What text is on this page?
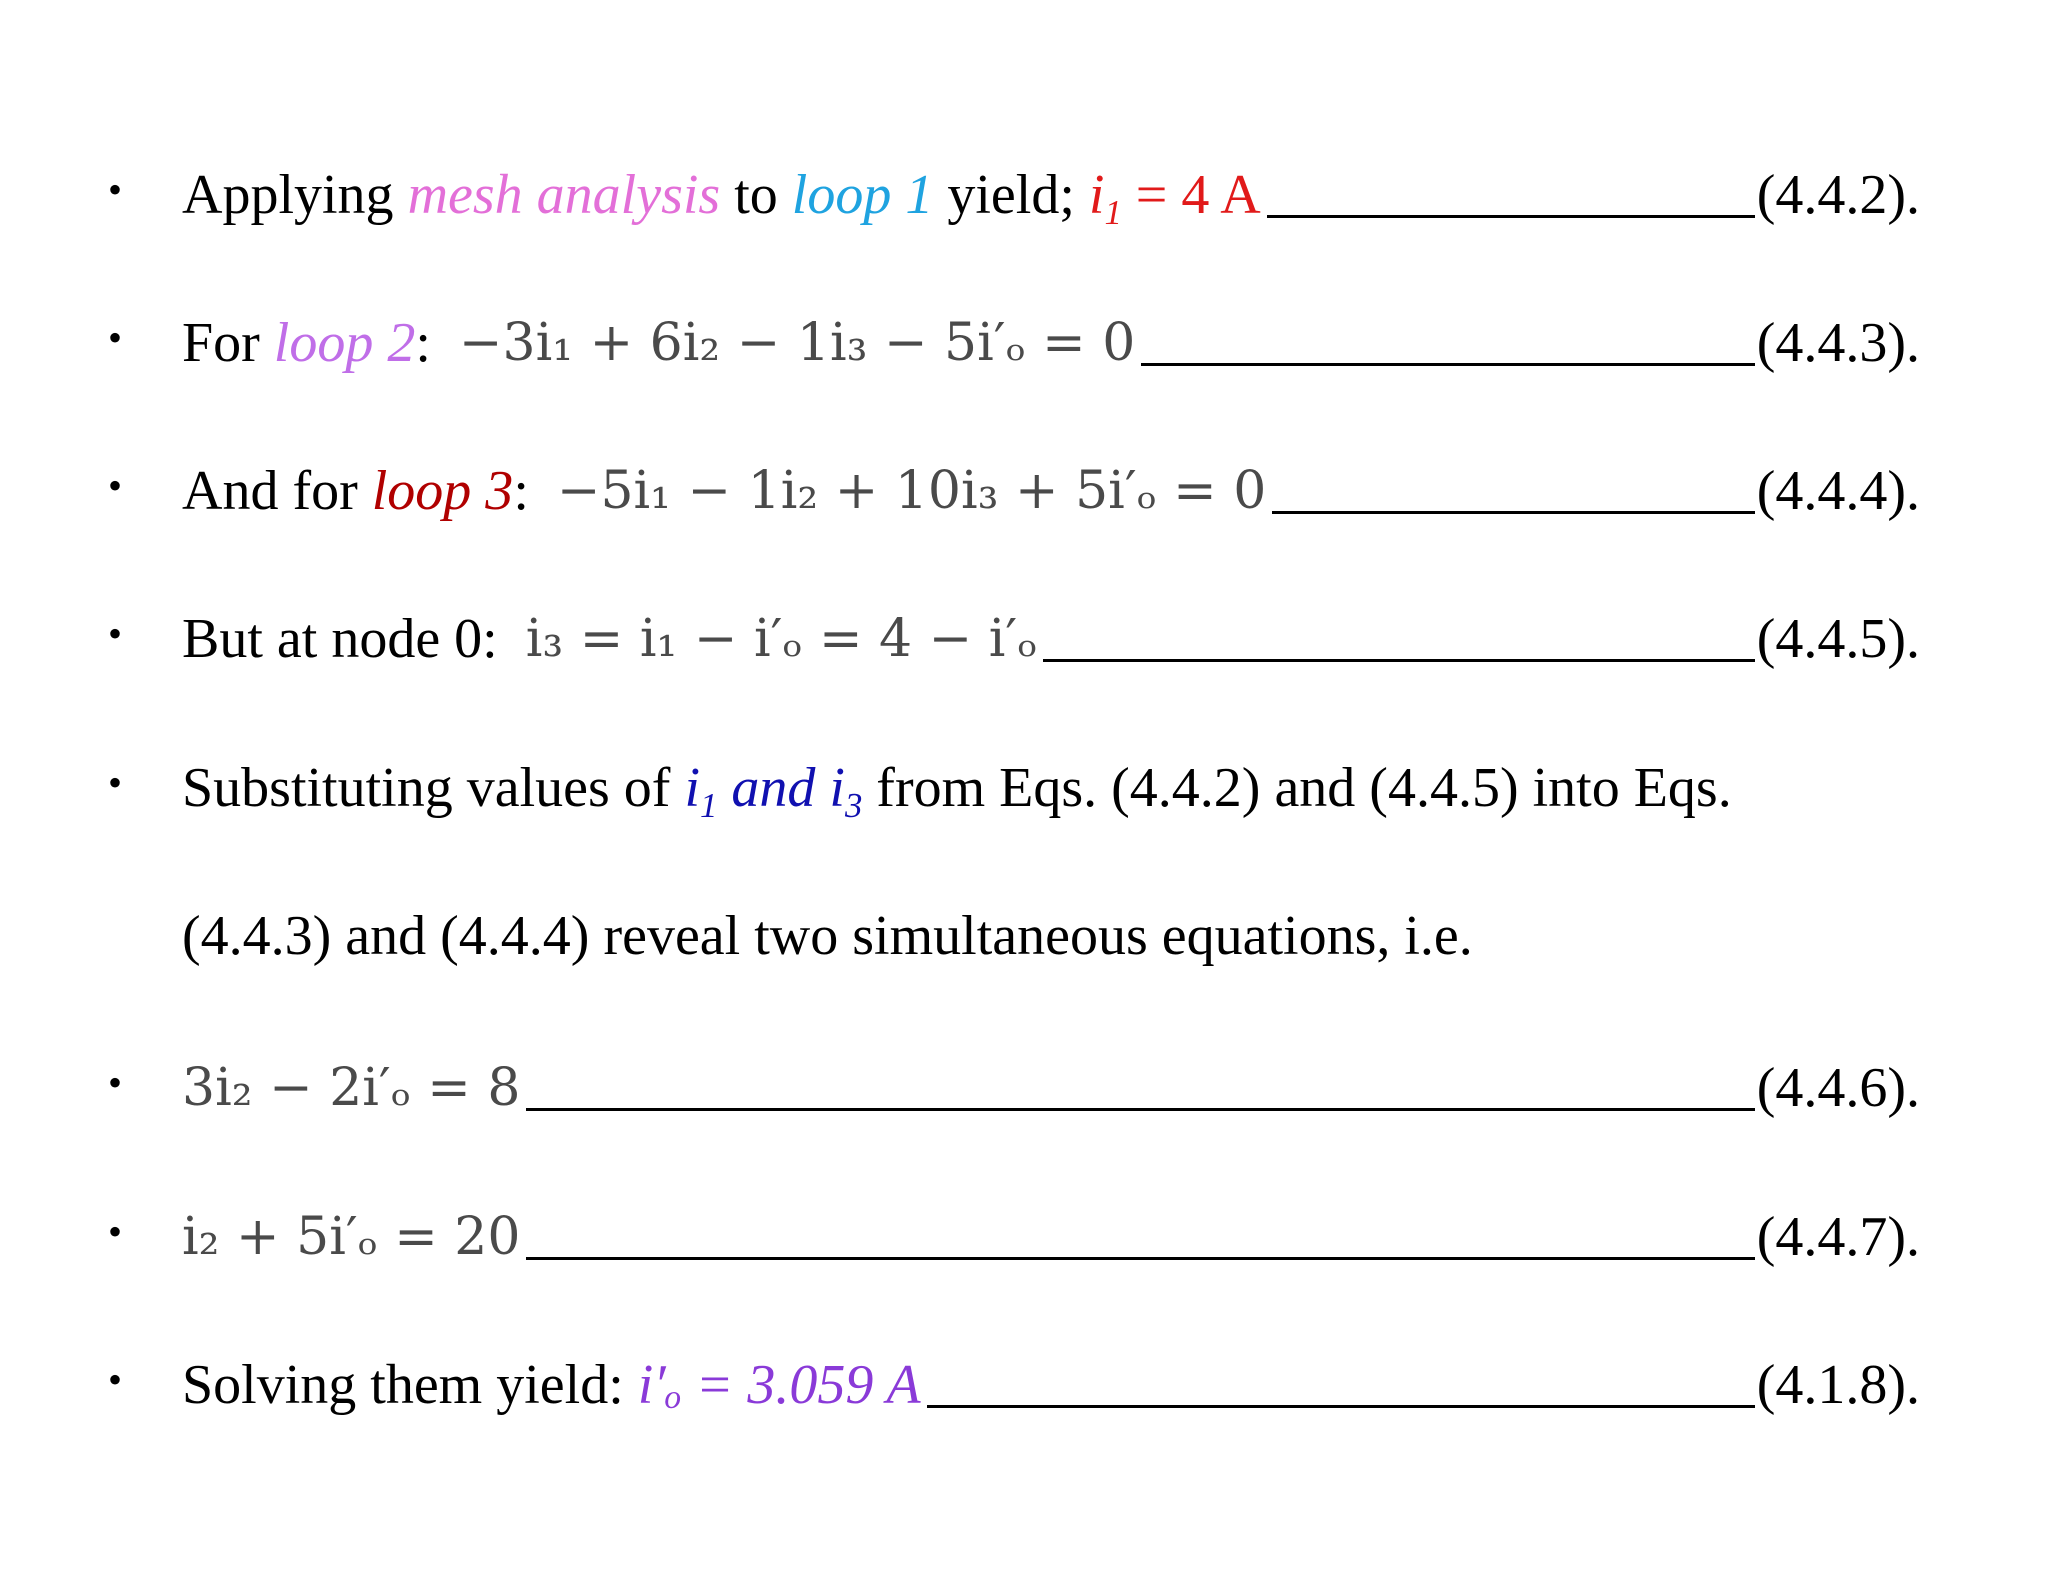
• Applying mesh analysis to loop 1 yield; $i_1 = 4$ A	(4.4.2).
• For loop 2 : −3i₁ + 6i₂ − 1i₃ − 5i′ₒ = 0	(4.4.3).
• And for loop 3 : −5i₁ − 1i₂ + 10i₃ + 5i′ₒ = 0	(4.4.4).
• But at node 0: i₃ = i₁ − i′ₒ = 4 − i′ₒ	(4.4.5).
• Substituting values of $i_1$ and $i_3$ from Eqs. (4.4.2) and (4.4.5) into Eqs.
(4.4.3) and (4.4.4) reveal two simultaneous equations, i.e.
• 3i₂ − 2i′ₒ = 8	(4.4.6).
• i₂ + 5i′ₒ = 20	(4.4.7).
• Solving them yield: i′ₒ = 3.059 A	(4.1.8).
